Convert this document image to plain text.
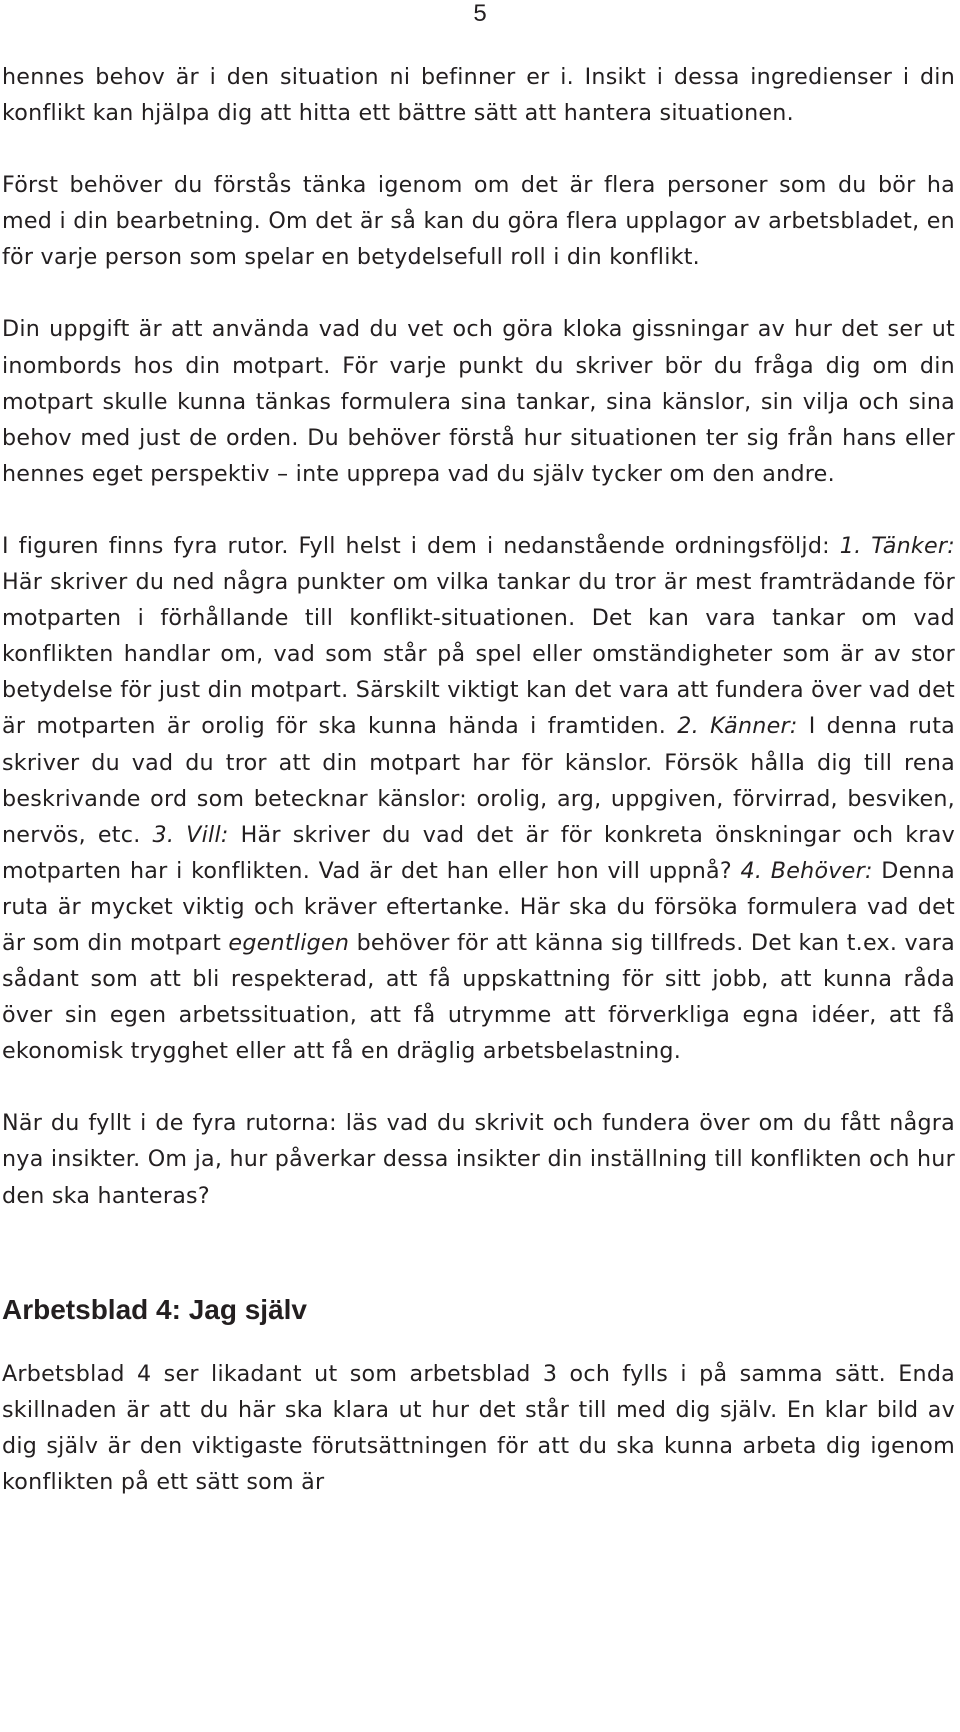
5

hennes behov är i den situation ni befinner er i. Insikt i dessa ingredienser i din konflikt kan hjälpa dig att hitta ett bättre sätt att hantera situationen.

Först behöver du förstås tänka igenom om det är flera personer som du bör ha med i din bearbetning. Om det är så kan du göra flera upplagor av arbetsbladet, en för varje person som spelar en betydelsefull roll i din konflikt.

Din uppgift är att använda vad du vet och göra kloka gissningar av hur det ser ut inombords hos din motpart. För varje punkt du skriver bör du fråga dig om din motpart skulle kunna tänkas formulera sina tankar, sina känslor, sin vilja och sina behov med just de orden. Du behöver förstå hur situationen ter sig från hans eller hennes eget perspektiv – inte upprepa vad du själv tycker om den andre.

I figuren finns fyra rutor. Fyll helst i dem i nedanstående ordningsföljd: 1. Tänker: Här skriver du ned några punkter om vilka tankar du tror är mest framträdande för motparten i förhållande till konflikt-situationen. Det kan vara tankar om vad konflikten handlar om, vad som står på spel eller omständigheter som är av stor betydelse för just din motpart. Särskilt viktigt kan det vara att fundera över vad det är motparten är orolig för ska kunna hända i framtiden. 2. Känner: I denna ruta skriver du vad du tror att din motpart har för känslor. Försök hålla dig till rena beskrivande ord som betecknar känslor: orolig, arg, uppgiven, förvirrad, besviken, nervös, etc. 3. Vill: Här skriver du vad det är för konkreta önskningar och krav motparten har i konflikten. Vad är det han eller hon vill uppnå? 4. Behöver: Denna ruta är mycket viktig och kräver eftertanke. Här ska du försöka formulera vad det är som din motpart egentligen behöver för att känna sig tillfreds. Det kan t.ex. vara sådant som att bli respekterad, att få uppskattning för sitt jobb, att kunna råda över sin egen arbetssituation, att få utrymme att förverkliga egna idéer, att få ekonomisk trygghet eller att få en dräglig arbetsbelastning.

När du fyllt i de fyra rutorna: läs vad du skrivit och fundera över om du fått några nya insikter. Om ja, hur påverkar dessa insikter din inställning till konflikten och hur den ska hanteras?

Arbetsblad 4: Jag själv

Arbetsblad 4 ser likadant ut som arbetsblad 3 och fylls i på samma sätt. Enda skillnaden är att du här ska klara ut hur det står till med dig själv. En klar bild av dig själv är den viktigaste förutsättningen för att du ska kunna arbeta dig igenom konflikten på ett sätt som är
